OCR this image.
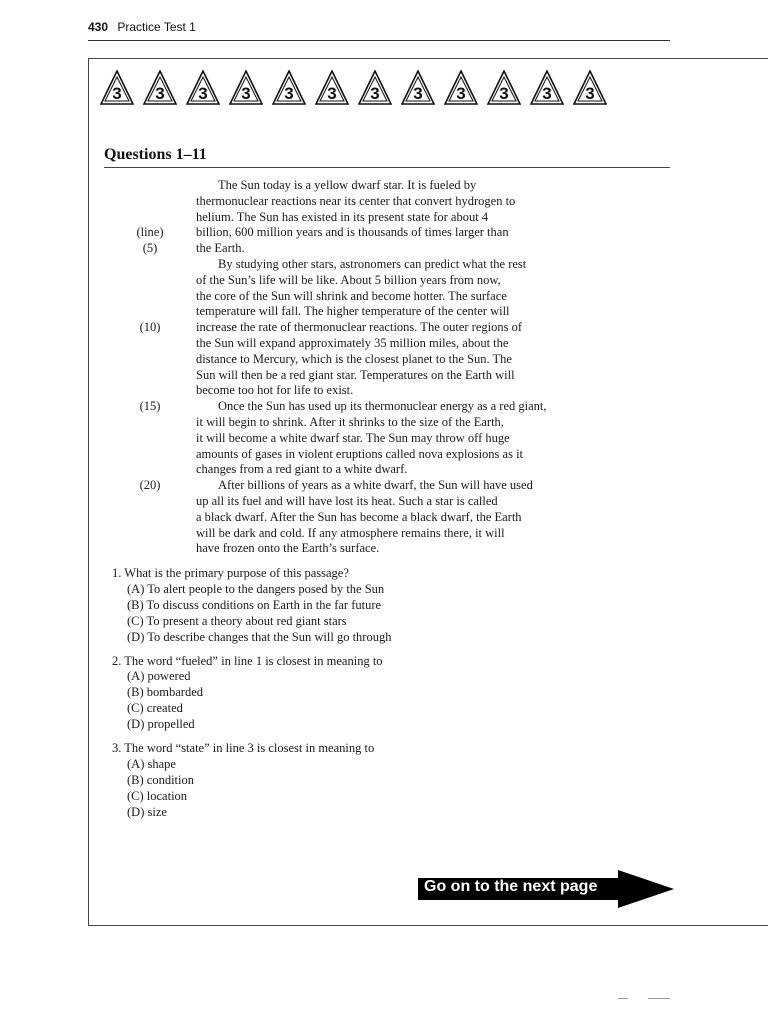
430 Practice Test 1
3 3 3 3 3 3 3 3 3 3 3 3
Questions 1–11
(line)
(5)
(10)
(15)
(20)
The Sun today is a yellow dwarf star. It is fueled by
thermonuclear reactions near its center that convert hydrogen to
helium. The Sun has existed in its present state for about 4
billion, 600 million years and is thousands of times larger than
the Earth.
By studying other stars, astronomers can predict what the rest
of the Sun’s life will be like. About 5 billion years from now,
the core of the Sun will shrink and become hotter. The surface
temperature will fall. The higher temperature of the center will
increase the rate of thermonuclear reactions. The outer regions of
the Sun will expand approximately 35 million miles, about the
distance to Mercury, which is the closest planet to the Sun. The
Sun will then be a red giant star. Temperatures on the Earth will
become too hot for life to exist.
Once the Sun has used up its thermonuclear energy as a red giant,
it will begin to shrink. After it shrinks to the size of the Earth,
it will become a white dwarf star. The Sun may throw off huge
amounts of gases in violent eruptions called nova explosions as it
changes from a red giant to a white dwarf.
After billions of years as a white dwarf, the Sun will have used
up all its fuel and will have lost its heat. Such a star is called
a black dwarf. After the Sun has become a black dwarf, the Earth
will be dark and cold. If any atmosphere remains there, it will
have frozen onto the Earth’s surface.
1. What is the primary purpose of this passage?
(A) To alert people to the dangers posed by the Sun
(B) To discuss conditions on Earth in the far future
(C) To present a theory about red giant stars
(D) To describe changes that the Sun will go through
2. The word “fueled” in line 1 is closest in meaning to
(A) powered
(B) bombarded
(C) created
(D) propelled
3. The word “state” in line 3 is closest in meaning to
(A) shape
(B) condition
(C) location
(D) size
Go on to the next page
